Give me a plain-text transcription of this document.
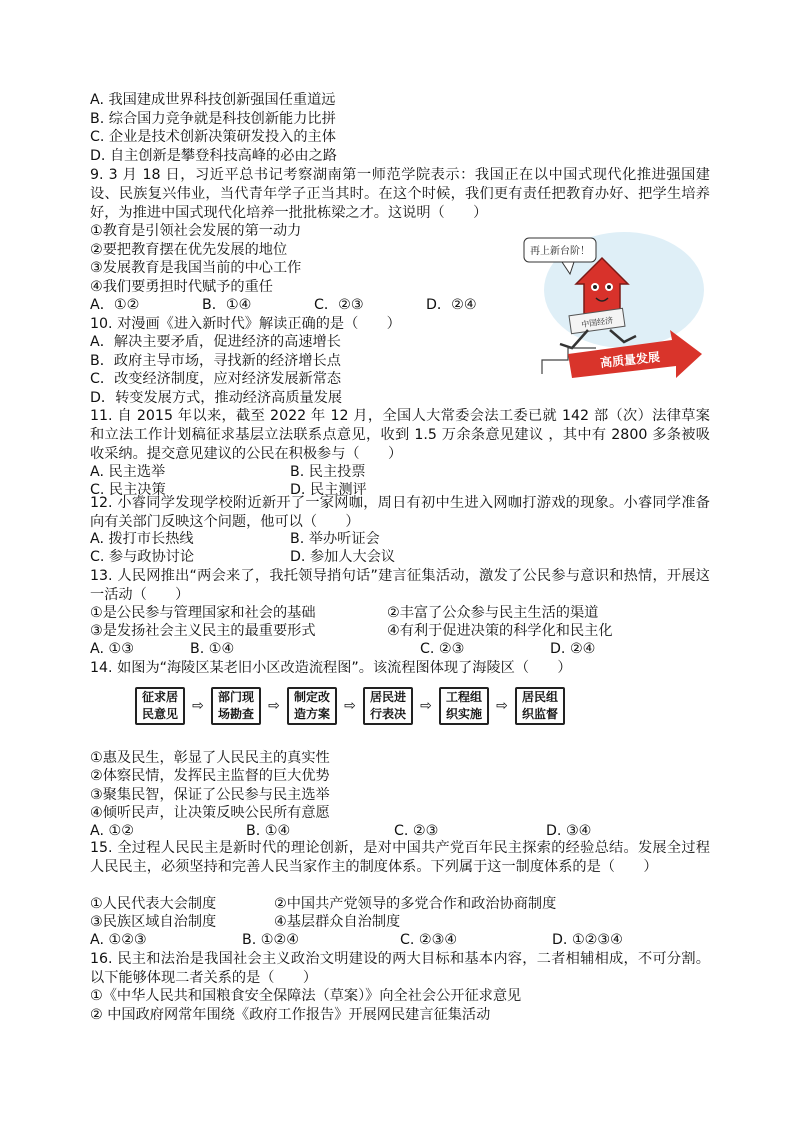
A. 我国建成世界科技创新强国任重道远
B. 综合国力竞争就是科技创新能力比拼
C. 企业是技术创新决策研发投入的主体
D. 自主创新是攀登科技高峰的必由之路
9. 3 月 18 日，习近平总书记考察湖南第一师范学院表示：我国正在以中国式现代化推进强国建设、民族复兴伟业，当代青年学子正当其时。在这个时候，我们更有责任把教育办好、把学生培养好，为推进中国式现代化培养一批批栋梁之才。这说明（　　）
①教育是引领社会发展的第一动力
②要把教育摆在优先发展的地位
③发展教育是我国当前的中心工作
④我们要勇担时代赋予的重任
A．①②	B．①④	C．②③	D．②④
10. 对漫画《进入新时代》解读正确的是（　　）
A．解决主要矛盾，促进经济的高速增长
B．政府主导市场，寻找新的经济增长点
C．改变经济制度，应对经济发展新常态
D．转变发展方式，推动经济高质量发展
再上新台阶！
中国经济
高质量发展
11. 自 2015 年以来，截至 2022 年 12 月，全国人大常委会法工委已就 142 部（次）法律草案和立法工作计划稿征求基层立法联系点意见，收到 1.5 万余条意见建议 ，其中有 2800 多条被吸收采纳。提交意见建议的公民在积极参与（　　）
A. 民主选举	B. 民主投票
C. 民主决策	D. 民主测评
12. 小睿同学发现学校附近新开了一家网咖，周日有初中生进入网咖打游戏的现象。小睿同学准备向有关部门反映这个问题，他可以（　　）
A. 拨打市长热线	B. 举办听证会
C. 参与政协讨论	D. 参加人大会议
13. 人民网推出“两会来了，我托领导捎句话”建言征集活动，激发了公民参与意识和热情，开展这一活动（　　）
①是公民参与管理国家和社会的基础	②丰富了公众参与民主生活的渠道
③是发扬社会主义民主的最重要形式	④有利于促进决策的科学化和民主化
A. ①③	B. ①④	C. ②③	D. ②④
14. 如图为“海陵区某老旧小区改造流程图”。该流程图体现了海陵区（　　）
征求居民意见	⇨
部门现场勘查	⇨
制定改造方案	⇨
居民进行表决	⇨
工程组织实施	⇨
居民组织监督
①惠及民生，彰显了人民民主的真实性
②体察民情，发挥民主监督的巨大优势
③聚集民智，保证了公民参与民主选举
④倾听民声，让决策反映公民所有意愿
A. ①②	B. ①④	C. ②③	D. ③④
15. 全过程人民民主是新时代的理论创新，是对中国共产党百年民主探索的经验总结。发展全过程人民民主，必须坚持和完善人民当家作主的制度体系。下列属于这一制度体系的是（　　）
①人民代表大会制度	②中国共产党领导的多党合作和政治协商制度
③民族区域自治制度	④基层群众自治制度
A. ①②③	B. ①②④	C. ②③④	D. ①②③④
16. 民主和法治是我国社会主义政治文明建设的两大目标和基本内容，二者相辅相成，不可分割。以下能够体现二者关系的是（　　）
①《中华人民共和国粮食安全保障法（草案）》向全社会公开征求意见
② 中国政府网常年围绕《政府工作报告》开展网民建言征集活动
